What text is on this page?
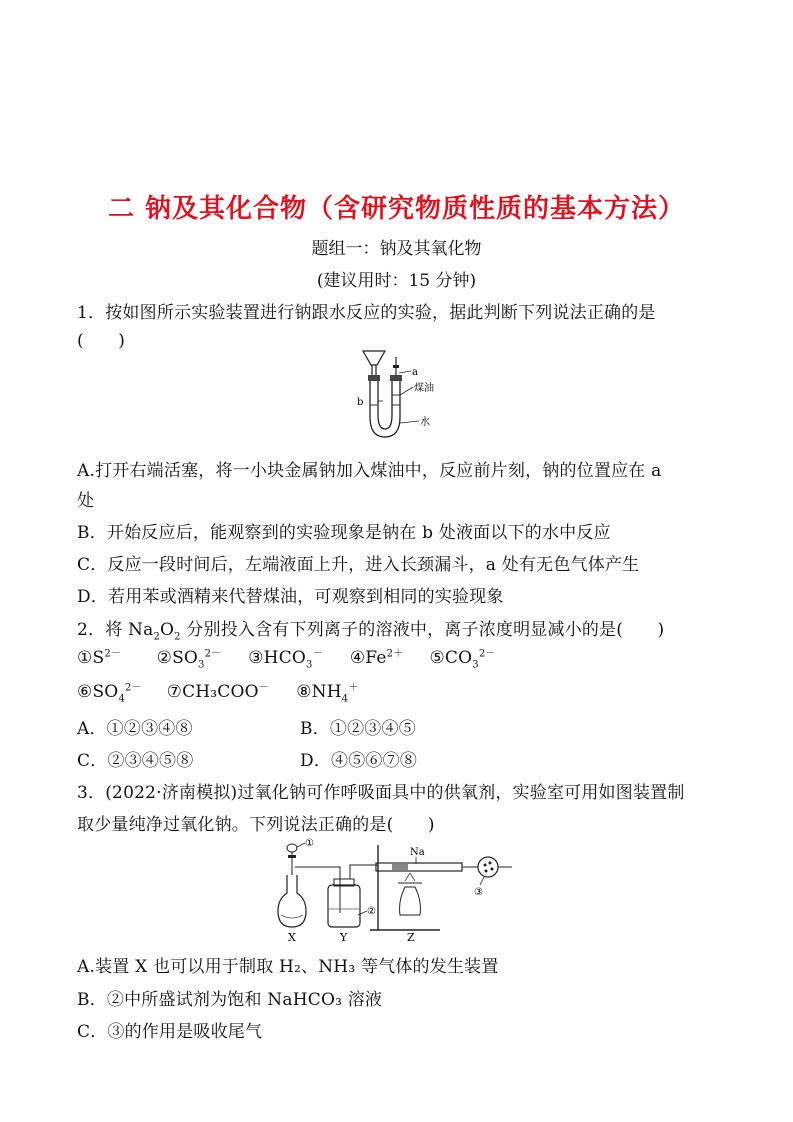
二 钠及其化合物（含研究物质性质的基本方法）
题组一：钠及其氧化物
(建议用时：15 分钟)
1．按如图所示实验装置进行钠跟水反应的实验，据此判断下列说法正确的是
(　　)
a
煤油
水
b
A.打开右端活塞，将一小块金属钠加入煤油中，反应前片刻，钠的位置应在 a
处
B．开始反应后，能观察到的实验现象是钠在 b 处液面以下的水中反应
C．反应一段时间后，左端液面上升，进入长颈漏斗，a 处有无色气体产生
D．若用苯或酒精来代替煤油，可观察到相同的实验现象
2．将 $Na_2O_2$ 分别投入含有下列离子的溶液中，离子浓度明显减小的是(　　)
$①S^{2-}$ $②SO_3^{2-}$ $③HCO_3^-$ $④Fe^{2+}$ $⑤CO_3^{2-}$
$⑥SO_4^{2-}$ ⑦CH₃COO－ $⑧NH_4^+$
A．①②③④⑧	B．①②③④⑤
C．②③④⑤⑧	D．④⑤⑥⑦⑧
3．(2022·济南模拟)过氧化钠可作呼吸面具中的供氧剂，实验室可用如图装置制
取少量纯净过氧化钠。下列说法正确的是(　　)
①
②
Na
③
X	Y	Z
A.装置 X 也可以用于制取 H₂、NH₃ 等气体的发生装置
B．②中所盛试剂为饱和 NaHCO₃ 溶液
C．③的作用是吸收尾气
